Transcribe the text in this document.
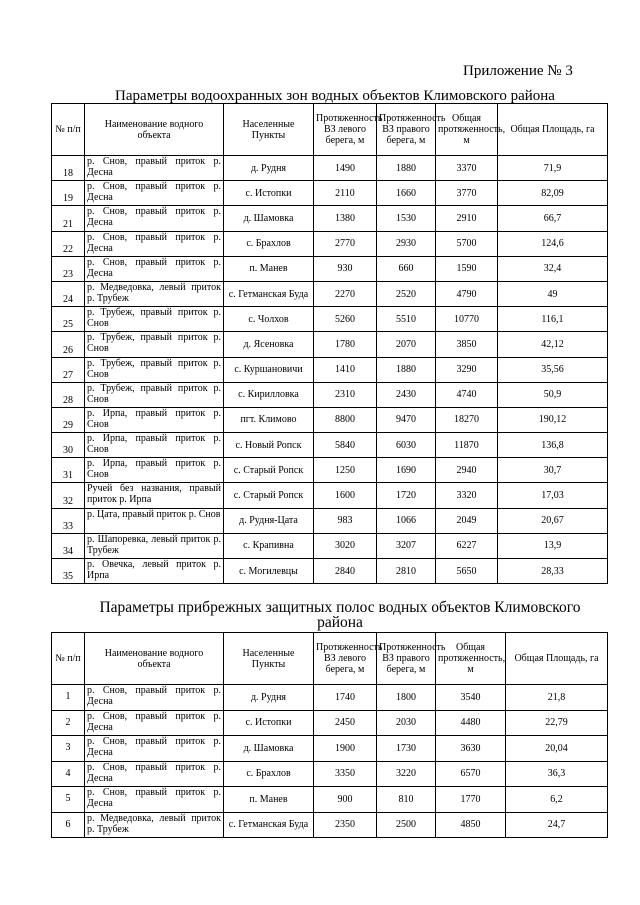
Приложение № 3
Параметры водоохранных зон водных объектов Климовского района
№ п/п	Наименование водного объекта	Населенные Пункты	Протяженность ВЗ левого берега, м	Протяженность ВЗ правого берега, м	Общая протяженность, м	Общая Площадь, га
18	р. Снов, правый приток р. Десна	д. Рудня	1490	1880	3370	71,9
19	р. Снов, правый приток р. Десна	с. Истопки	2110	1660	3770	82,09
21	р. Снов, правый приток р. Десна	д. Шамовка	1380	1530	2910	66,7
22	р. Снов, правый приток р. Десна	с. Брахлов	2770	2930	5700	124,6
23	р. Снов, правый приток р. Десна	п. Манев	930	660	1590	32,4
24	р. Медведовка, левый приток р. Трубеж	с. Гетманская Буда	2270	2520	4790	49
25	р. Трубеж, правый приток р. Снов	с. Чолхов	5260	5510	10770	116,1
26	р. Трубеж, правый приток р. Снов	д. Ясеновка	1780	2070	3850	42,12
27	р. Трубеж, правый приток р. Снов	с. Куршановичи	1410	1880	3290	35,56
28	р. Трубеж, правый приток р. Снов	с. Кирилловка	2310	2430	4740	50,9
29	р. Ирпа, правый приток р. Снов	пгт. Климово	8800	9470	18270	190,12
30	р. Ирпа, правый приток р. Снов	с. Новый Ропск	5840	6030	11870	136,8
31	р. Ирпа, правый приток р. Снов	с. Старый Ропск	1250	1690	2940	30,7
32	Ручей без названия, правый приток р. Ирпа	с. Старый Ропск	1600	1720	3320	17,03
33	р. Цата, правый приток р. Снов	д. Рудня-Цата	983	1066	2049	20,67
34	р. Шапоревка, левый приток р. Трубеж	с. Крапивна	3020	3207	6227	13,9
35	р. Овечка, левый приток р. Ирпа	с. Могилевцы	2840	2810	5650	28,33
Параметры прибрежных защитных полос водных объектов Климовского района
№ п/п	Наименование водного объекта	Населенные Пункты	Протяженность ВЗ левого берега, м	Протяженность ВЗ правого берега, м	Общая протяженность, м	Общая Площадь, га
1	р. Снов, правый приток р. Десна	д. Рудня	1740	1800	3540	21,8
2	р. Снов, правый приток р. Десна	с. Истопки	2450	2030	4480	22,79
3	р. Снов, правый приток р. Десна	д. Шамовка	1900	1730	3630	20,04
4	р. Снов, правый приток р. Десна	с. Брахлов	3350	3220	6570	36,3
5	р. Снов, правый приток р. Десна	п. Манев	900	810	1770	6,2
6	р. Медведовка, левый приток р. Трубеж	с. Гетманская Буда	2350	2500	4850	24,7
